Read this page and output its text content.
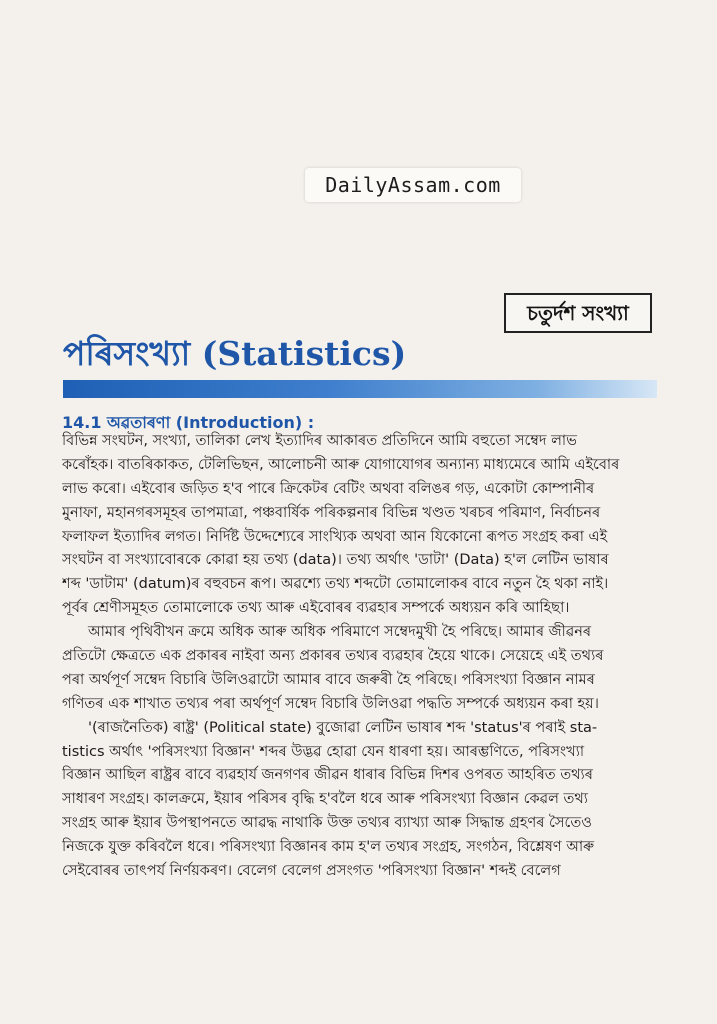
DailyAssam.com
চতুৰ্দশ সংখ্যা
পৰিসংখ্যা (Statistics)
14.1 অৱতাৰণা (Introduction) :
বিভিন্ন সংঘটন, সংখ্যা, তালিকা লেখ ইত্যাদিৰ আকাৰত প্ৰতিদিনে আমি বহুতো সম্বেদ লাভ
কৰোঁহক। বাতৰিকাকত, টেলিভিছন, আলোচনী আৰু যোগাযোগৰ অন্যান্য মাধ্যমেৰে আমি এইবোৰ
লাভ কৰো। এইবোৰ জড়িত হ'ব পাৰে ক্ৰিকেটৰ বেটিং অথবা বলিঙৰ গড়, একোটা কোম্পানীৰ
মুনাফা, মহানগৰসমূহৰ তাপমাত্ৰা, পঞ্চবাৰ্ষিক পৰিকল্পনাৰ বিভিন্ন খণ্ডত খৰচৰ পৰিমাণ, নিৰ্বাচনৰ
ফলাফল ইত্যাদিৰ লগত। নিৰ্দিষ্ট উদ্দেশ্যেৰে সাংখ্যিক অথবা আন যিকোনো ৰূপত সংগ্ৰহ কৰা এই
সংঘটন বা সংখ্যাবোৰকে কোৱা হয় তথ্য (data)। তথ্য অৰ্থাৎ 'ডাটা' (Data) হ'ল লেটিন ভাষাৰ
শব্দ 'ডাটাম' (datum)ৰ বহুবচন ৰূপ। অৱশ্যে তথ্য শব্দটো তোমালোকৰ বাবে নতুন হৈ থকা নাই।
পূৰ্বৰ শ্ৰেণীসমূহত তোমালোকে তথ্য আৰু এইবোৰৰ ব্যৱহাৰ সম্পৰ্কে অধ্যয়ন কৰি আহিছা।
আমাৰ পৃথিবীখন ক্ৰমে অধিক আৰু অধিক পৰিমাণে সম্বেদমুখী হৈ পৰিছে। আমাৰ জীৱনৰ
প্ৰতিটো ক্ষেত্ৰতে এক প্ৰকাৰৰ নাইবা অন্য প্ৰকাৰৰ তথ্যৰ ব্যৱহাৰ হৈয়ে থাকে। সেয়েহে এই তথ্যৰ
পৰা অৰ্থপূৰ্ণ সম্বেদ বিচাৰি উলিওৱাটো আমাৰ বাবে জৰুৰী হৈ পৰিছে। পৰিসংখ্যা বিজ্ঞান নামৰ
গণিতৰ এক শাখাত তথ্যৰ পৰা অৰ্থপূৰ্ণ সম্বেদ বিচাৰি উলিওৱা পদ্ধতি সম্পৰ্কে অধ্যয়ন কৰা হয়।
'(ৰাজনৈতিক) ৰাষ্ট্ৰ' (Political state) বুজোৱা লেটিন ভাষাৰ শব্দ 'status'ৰ পৰাই sta-
tistics অৰ্থাৎ 'পৰিসংখ্যা বিজ্ঞান' শব্দৰ উদ্ভৱ হোৱা যেন ধাৰণা হয়। আৰম্ভণিতে, পৰিসংখ্যা
বিজ্ঞান আছিল ৰাষ্ট্ৰৰ বাবে ব্যৱহাৰ্য জনগণৰ জীৱন ধাৰাৰ বিভিন্ন দিশৰ ওপৰত আহৰিত তথ্যৰ
সাধাৰণ সংগ্ৰহ। কালক্ৰমে, ইয়াৰ পৰিসৰ বৃদ্ধি হ'বলৈ ধৰে আৰু পৰিসংখ্যা বিজ্ঞান কেৱল তথ্য
সংগ্ৰহ আৰু ইয়াৰ উপস্থাপনতে আৱদ্ধ নাথাকি উক্ত তথ্যৰ ব্যাখ্যা আৰু সিদ্ধান্ত গ্ৰহণৰ সৈতেও
নিজকে যুক্ত কৰিবলৈ ধৰে। পৰিসংখ্যা বিজ্ঞানৰ কাম হ'ল তথ্যৰ সংগ্ৰহ, সংগঠন, বিশ্লেষণ আৰু
সেইবোৰৰ তাৎপৰ্য নিৰ্ণয়কৰণ। বেলেগ বেলেগ প্ৰসংগত 'পৰিসংখ্যা বিজ্ঞান' শব্দই বেলেগ
